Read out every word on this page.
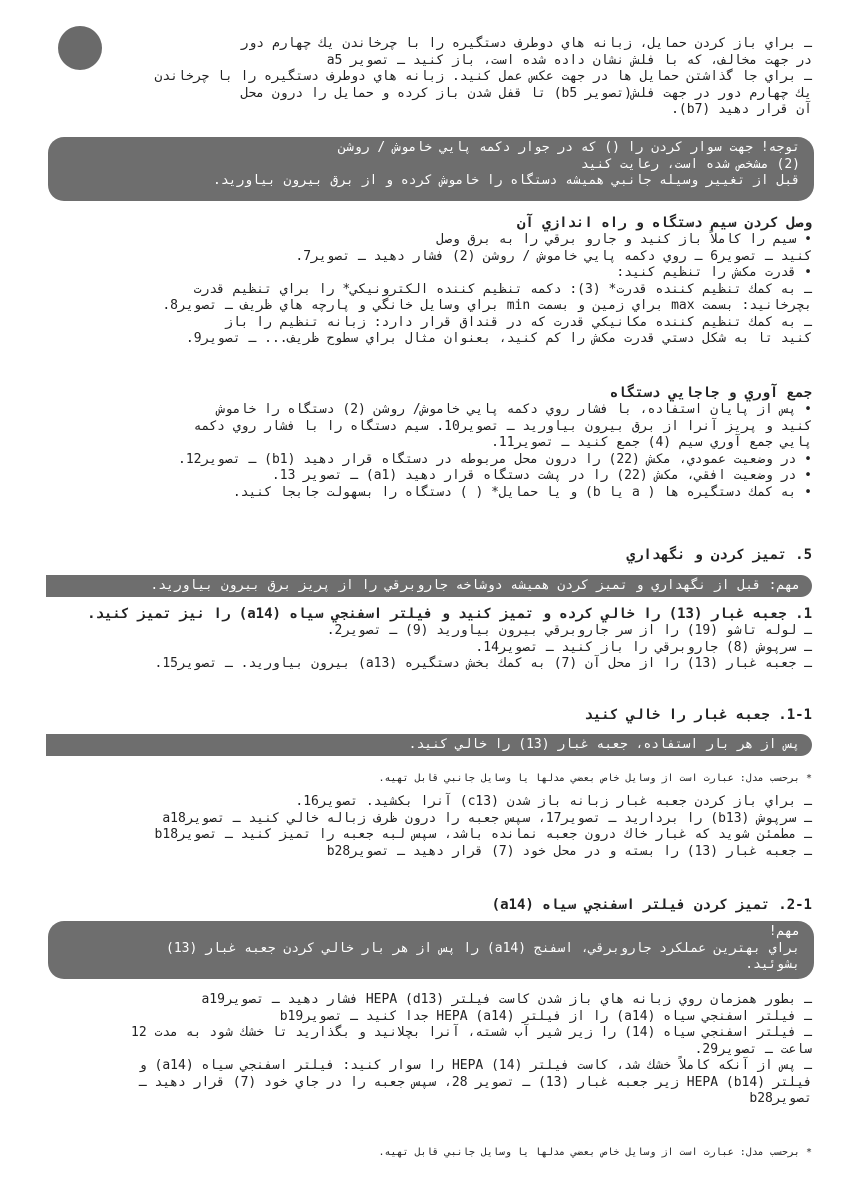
ـ براي باز كردن حمايل، زبانه هاي دوطرف دستگيره را با چرخاندن يك چهارم دور

در جهت مخالف، كه با فلش نشان داده شده است، باز كنيد ـ تصوير a5

ـ براي جا گذاشتن حمايل ها در جهت عكس عمل كنيد. زبانه هاي دوطرف دستگيره را با چرخاندن

يك چهارم دور در جهت فلش(تصوير b5) تا قفل شدن باز كرده و حمايل را درون محل

آن قرار دهيد (b7).

توجه! جهت سوار كردن را () كه در جوار دكمه پايي خاموش / روشن

(2) مشخص شده است، رعايت كنيد

قبل از تغيير وسيله جانبي هميشه دستگاه را خاموش كرده و از برق بيرون بياوريد.

وصل كردن سيم دستگاه و راه اندازي آن

• سيم را كاملاً باز كنيد و جارو برقي را به برق وصل

كنيد ـ تصوير6 ـ روي دكمه پايي خاموش / روشن (2) فشار دهيد ـ تصوير7.

• قدرت مكش را تنظيم كنيد:

ـ به كمك تنظيم كننده قدرت* (3): دكمه تنظيم كننده الكترونيكي* را براي تنظيم قدرت

بچرخانيد: بسمت max براي زمين و بسمت min براي وسايل خانگي و پارچه هاي ظريف ـ تصوير8.

ـ به كمك تنظيم كننده مكانيكي قدرت كه در قنداق قرار دارد: زبانه تنظيم را باز

كنيد تا به شكل دستي قدرت مكش را كم كنيد، بعنوان مثال براي سطوح ظريف... ـ تصوير9.

جمع آوري و جاجايي دستگاه

• پس از پايان استفاده، با فشار روي دكمه پايي خاموش/ روشن (2) دستگاه را خاموش

كنيد و پريز آنرا از برق بيرون بياوريد ـ تصوير10. سيم دستگاه را با فشار روي دكمه

پايي جمع آوري سيم (4) جمع كنيد ـ تصوير11.

• در وضعيت عمودي، مكش (22) را درون محل مربوطه در دستگاه قرار دهيد (b1) ـ تصوير12.

• در وضعيت افقي، مكش (22) را در پشت دستگاه قرار دهيد (a1) ـ تصوير 13.

• به كمك دستگيره ها ( a يا b) و يا حمايل* ( ) دستگاه را بسهولت جابجا كنيد.

5. تميز كردن و نگهداري

مهم: قبل از نگهداري و تميز كردن هميشه دوشاخه جاروبرقي را از پريز برق بيرون بياوريد.

1. جعبه غبار (13) را خالي كرده و تميز كنيد و فيلتر اسفنجي سياه (a14) را نيز تميز كنيد.

ـ لوله تاشو (19) را از سر جاروبرقي بيرون بياوريد (9) ـ تصوير2.

ـ سرپوش (8) جاروبرقي را باز كنيد ـ تصوير14.

ـ جعبه غبار (13) را از محل آن (7) به كمك بخش دستگيره (a13) بيرون بياوريد. ـ تصوير15.

1-1. جعبه غبار را خالي كنيد

پس از هر بار استفاده، جعبه غبار (13) را خالي كنيد.

* برحسب مدل: عبارت است از وسايل خاص بعضي مدلها يا وسايل جانبي قابل تهيه.

ـ براي باز كردن جعبه غبار زبانه باز شدن (c13) آنرا بكشيد. تصوير16.

ـ سرپوش (b13) را برداريد ـ تصوير17، سپس جعبه را درون ظرف زباله خالي كنيد ـ تصويرa18

ـ مطمئن شويد كه غبار خاك درون جعبه نمانده باشد، سپس لبه جعبه را تميز كنيد ـ تصويرb18

ـ جعبه غبار (13) را بسته و در محل خود (7) قرار دهيد ـ تصويرb28

2-1. تميز كردن فيلتر اسفنجي سياه (a14)

مهم!

براي بهترين عملكرد جاروبرقي، اسفنج (a14) را پس از هر بار خالي كردن جعبه غبار (13)

بشوئيد.

ـ بطور همزمان روي زبانه هاي باز شدن كاست فيلتر HEPA (d13) فشار دهيد ـ تصويرa19

ـ فيلتر اسفنجي سياه (a14) را از فيلتر HEPA (a14) جدا كنيد ـ تصويرb19

ـ فيلتر اسفنجي سياه (14) را زير شير آب شسته، آنرا بچلانيد و بگذاريد تا خشك شود به مدت 12

ساعت ـ تصوير29.

ـ پس از آنكه كاملاً خشك شد، كاست فيلتر HEPA (14) را سوار كنيد: فيلتر اسفنجي سياه (a14) و

فيلتر HEPA (b14) زير جعبه غبار (13) ـ تصوير 28، سپس جعبه را در جاي خود (7) قرار دهيد ـ

تصويرb28

* برحسب مدل: عبارت است از وسايل خاص بعضي مدلها يا وسايل جانبي قابل تهيه.
